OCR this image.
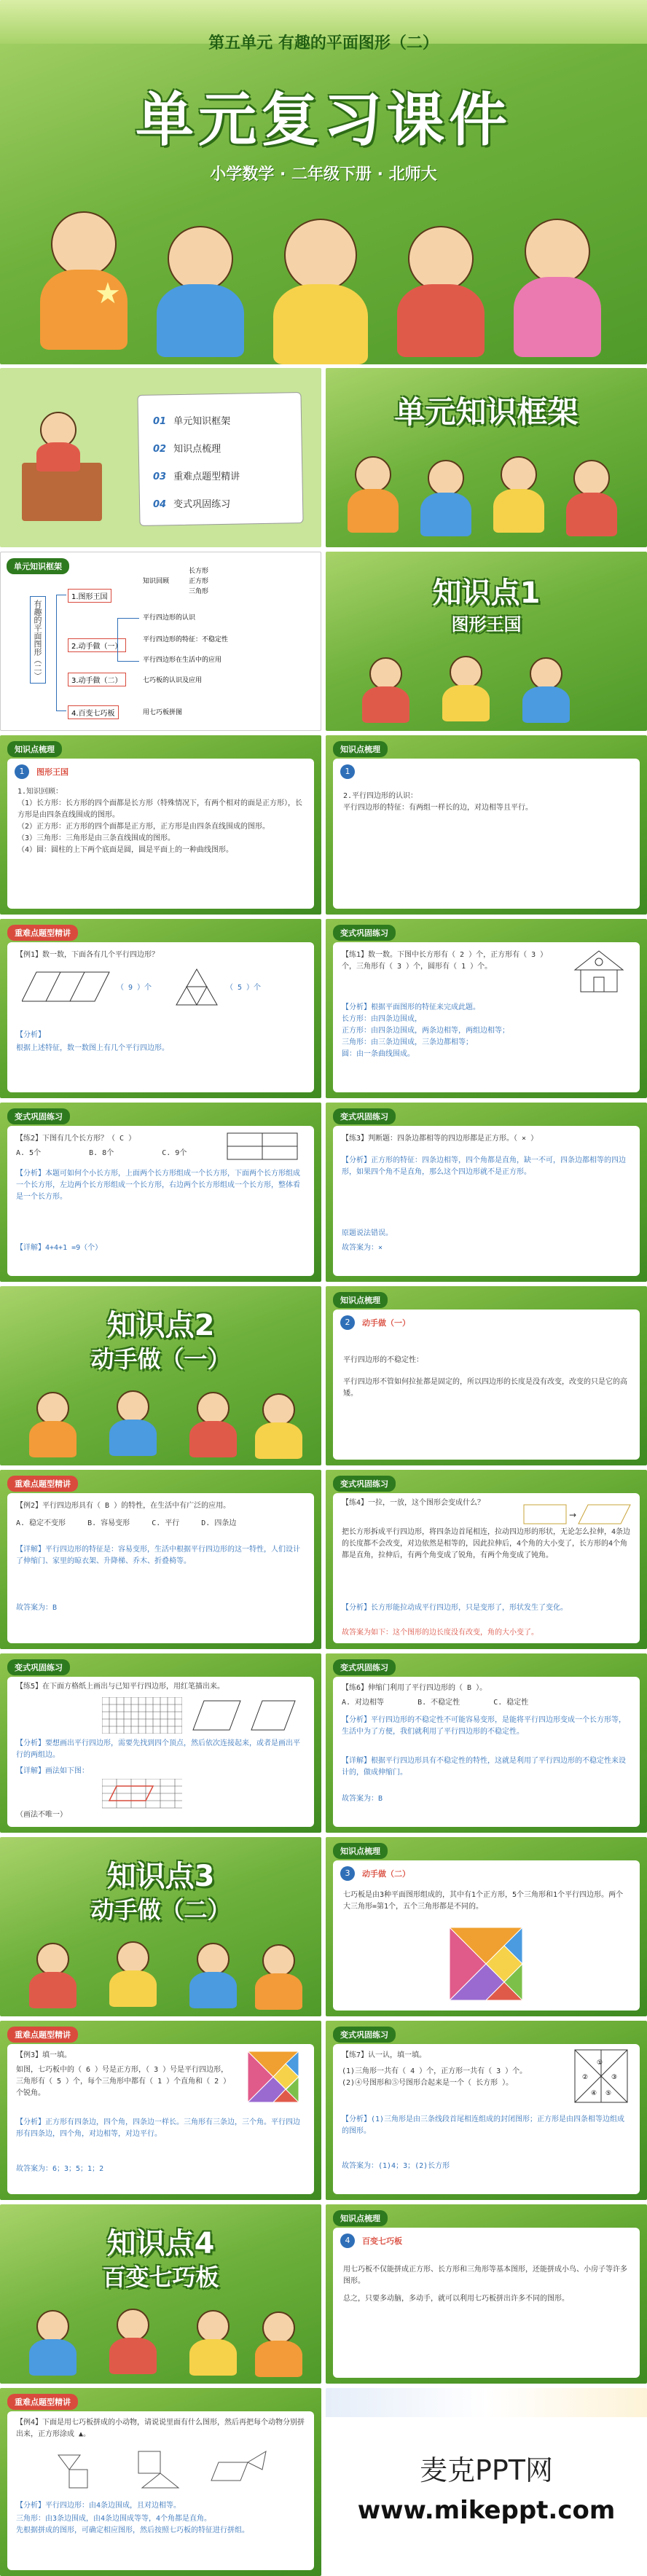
第五单元 有趣的平面图形（二）
单元复习课件
小学数学 · 二年级下册 · 北师大
★
01 单元知识框架
02 知识点梳理
03 重难点题型精讲
04 变式巩固练习
单元知识框架
单元知识框架
有趣的平面图形（二）
1.图形王国
2.动手做（一）
3.动手做（二）
4.百变七巧板
知识回顾
长方形
正方形
三角形
平行四边形的认识
平行四边形的特征：不稳定性
平行四边形在生活中的应用
七巧板的认识及应用
用七巧板拼图
知识点1
图形王国
知识点梳理
1	图形王国
1.知识回顾：
（1）长方形：长方形的四个面都是长方形（特殊情况下，有两个相对的面是正方形），长方形是由四条直线围成的图形。
（2）正方形：正方形的四个面都是正方形，正方形是由四条直线围成的图形。
（3）三角形：三角形是由三条直线围成的图形。
（4）圆：圆柱的上下两个底面是圆，圆是平面上的一种曲线图形。
知识点梳理
1
2.平行四边形的认识：
平行四边形的特征：有两组一样长的边，对边相等且平行。
重难点题型精讲
【例1】数一数，下面各有几个平行四边形？
（ 9 ）个	（ 5 ）个
【分析】
根据上述特征，数一数图上有几个平行四边形。
变式巩固练习
【练1】数一数。下图中长方形有（ 2 ）个，正方形有（ 3 ）个，三角形有（ 3 ）个，圆形有（ 1 ）个。
【分析】根据平面图形的特征来完成此题。
长方形：由四条边围成，
正方形：由四条边围成，两条边相等，两组边相等；
三角形：由三条边围成，三条边都相等；
圆：由一条曲线围成。
变式巩固练习
【练2】下图有几个长方形？（ C ）
A. 5个	B. 8个	C. 9个
【分析】本题可如何个小长方形，上面两个长方形组成一个长方形，下面两个长方形组成一个长方形，左边两个长方形组成一个长方形，右边两个长方形组成一个长方形，整体看是一个长方形。
【详解】4+4+1 =9（个）
变式巩固练习
【练3】判断题：四条边都相等的四边形都是正方形。（ × ）
【分析】正方形的特征：四条边相等，四个角都是直角，缺一不可，四条边都相等的四边形，如果四个角不是直角，那么这个四边形就不是正方形。
原题说法错误。
故答案为：×
知识点2
动手做（一）
知识点梳理
2	动手做（一）
平行四边形的不稳定性：
平行四边形不管如何拉扯都是固定的，所以四边形的长度是没有改变，改变的只是它的高矮。
重难点题型精讲
【例2】平行四边形具有（ B ）的特性，在生活中有广泛的应用。
A. 稳定不变形	B. 容易变形	C. 平行	D. 四条边
【详解】平行四边形的特征是：容易变形，生活中根据平行四边形的这一特性，人们设计了伸缩门、家里的晾衣架、升降梯、乔木、折叠椅等。
故答案为：B
变式巩固练习
【练4】一拉，一放，这个图形会变成什么？
→
把长方形拆成平行四边形，将四条边首尾相连，拉动四边形的形状，无论怎么拉伸，4条边的长度都不会改变，对边依然是相等的，因此拉伸后，4个角的大小变了，长方形的4个角都是直角，拉伸后，有两个角变成了锐角，有两个角变成了钝角。
【分析】长方形能拉动成平行四边形，只是变形了，形状发生了变化。
故答案为如下：这个图形的边长度没有改变，角的大小变了。
变式巩固练习
【练5】在下面方格纸上画出与已知平行四边形，用红笔描出来。
【分析】要想画出平行四边形，需要先找到四个顶点，然后依次连接起来，或者是画出平行的两组边。
【详解】画法如下图：
（画法不唯一）
变式巩固练习
【练6】伸缩门利用了平行四边形的（ B ）。
A. 对边相等	B. 不稳定性	C. 稳定性
【分析】平行四边形的不稳定性不可能容易变形，是能将平行四边形变成一个长方形等，生活中为了方便，我们就利用了平行四边形的不稳定性。
【详解】根据平行四边形具有不稳定性的特性，这就是利用了平行四边形的不稳定性来设计的，做成伸缩门。
故答案为：B
知识点3
动手做（二）
知识点梳理
3	动手做（二）
七巧板是由3种平面图形组成的，其中有1个正方形，5个三角形和1个平行四边形。两个大三角形=第1个，五个三角形都是不同的。
重难点题型精讲
【例3】填一填。
如图，七巧板中的（ 6 ）号是正方形，（ 3 ）号是平行四边形，三角形有（ 5 ）个，每个三角形中都有（ 1 ）个直角和（ 2 ）个锐角。
【分析】正方形有四条边，四个角，四条边一样长。三角形有三条边，三个角。平行四边形有四条边，四个角，对边相等，对边平行。
故答案为：6；3；5；1；2
变式巩固练习
【练7】认一认，填一填。
(1)三角形一共有（ 4 ）个，正方形一共有（ 3 ）个。
(2)④号图形和⑤号图形合起来是一个（ 长方形 ）。
①
②	③
④ ⑤
【分析】(1)三角形是由三条线段首尾相连组成的封闭图形；正方形是由四条相等边组成的图形。
故答案为：(1)4；3；(2)长方形
知识点4
百变七巧板
知识点梳理
4	百变七巧板
用七巧板不仅能拼成正方形、长方形和三角形等基本图形，还能拼成小鸟、小房子等许多图形。
总之，只要多动脑，多动手，就可以利用七巧板拼出许多不同的图形。
重难点题型精讲
【例4】下面是用七巧板拼成的小动物，请说说里面有什么图形，然后再把每个动物分别拼出来，正方形涂成 ▲。
【分析】平行四边形：由4条边围成，且对边相等。
三角形：由3条边围成，由4条边围成等等，4个角都是直角。
先根据拼成的图形，可确定相应图形，然后按照七巧板的特征进行拼组。
麦克PPT网
www.mikeppt.com
